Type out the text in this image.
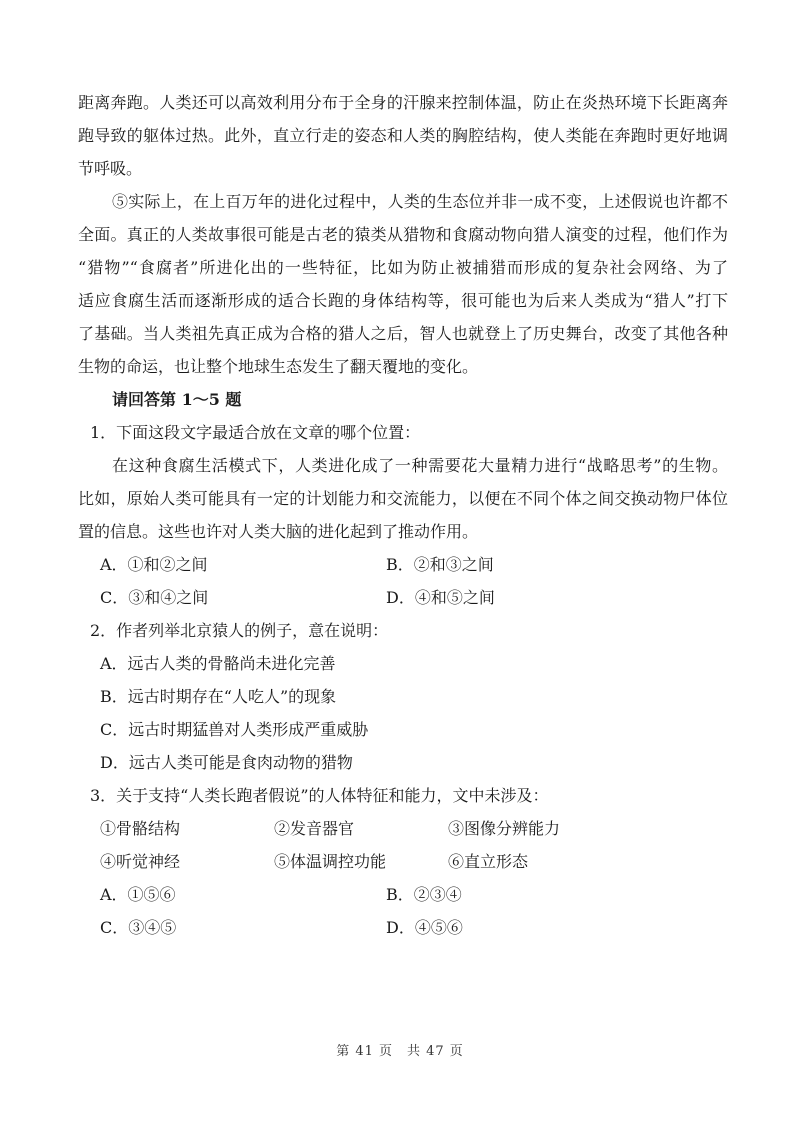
距离奔跑。人类还可以高效利用分布于全身的汗腺来控制体温，防止在炎热环境下长距离奔
跑导致的躯体过热。此外，直立行走的姿态和人类的胸腔结构，使人类能在奔跑时更好地调
节呼吸。
⑤实际上，在上百万年的进化过程中，人类的生态位并非一成不变，上述假说也许都不
全面。真正的人类故事很可能是古老的猿类从猎物和食腐动物向猎人演变的过程，他们作为
“猎物”“食腐者”所进化出的一些特征，比如为防止被捕猎而形成的复杂社会网络、为了
适应食腐生活而逐渐形成的适合长跑的身体结构等，很可能也为后来人类成为“猎人”打下
了基础。当人类祖先真正成为合格的猎人之后，智人也就登上了历史舞台，改变了其他各种
生物的命运，也让整个地球生态发生了翻天覆地的变化。
请回答第 1～5 题
1．下面这段文字最适合放在文章的哪个位置：
在这种食腐生活模式下，人类进化成了一种需要花大量精力进行“战略思考”的生物。
比如，原始人类可能具有一定的计划能力和交流能力，以便在不同个体之间交换动物尸体位
置的信息。这些也许对人类大脑的进化起到了推动作用。
A．①和②之间	B．②和③之间
C．③和④之间	D．④和⑤之间
2．作者列举北京猿人的例子，意在说明：
A．远古人类的骨骼尚未进化完善
B．远古时期存在“人吃人”的现象
C．远古时期猛兽对人类形成严重威胁
D．远古人类可能是食肉动物的猎物
3．关于支持“人类长跑者假说”的人体特征和能力，文中未涉及：
①骨骼结构	②发音器官	③图像分辨能力
④听觉神经	⑤体温调控功能	⑥直立形态
A．①⑤⑥	B．②③④
C．③④⑤	D．④⑤⑥
第 41 页　共 47 页
